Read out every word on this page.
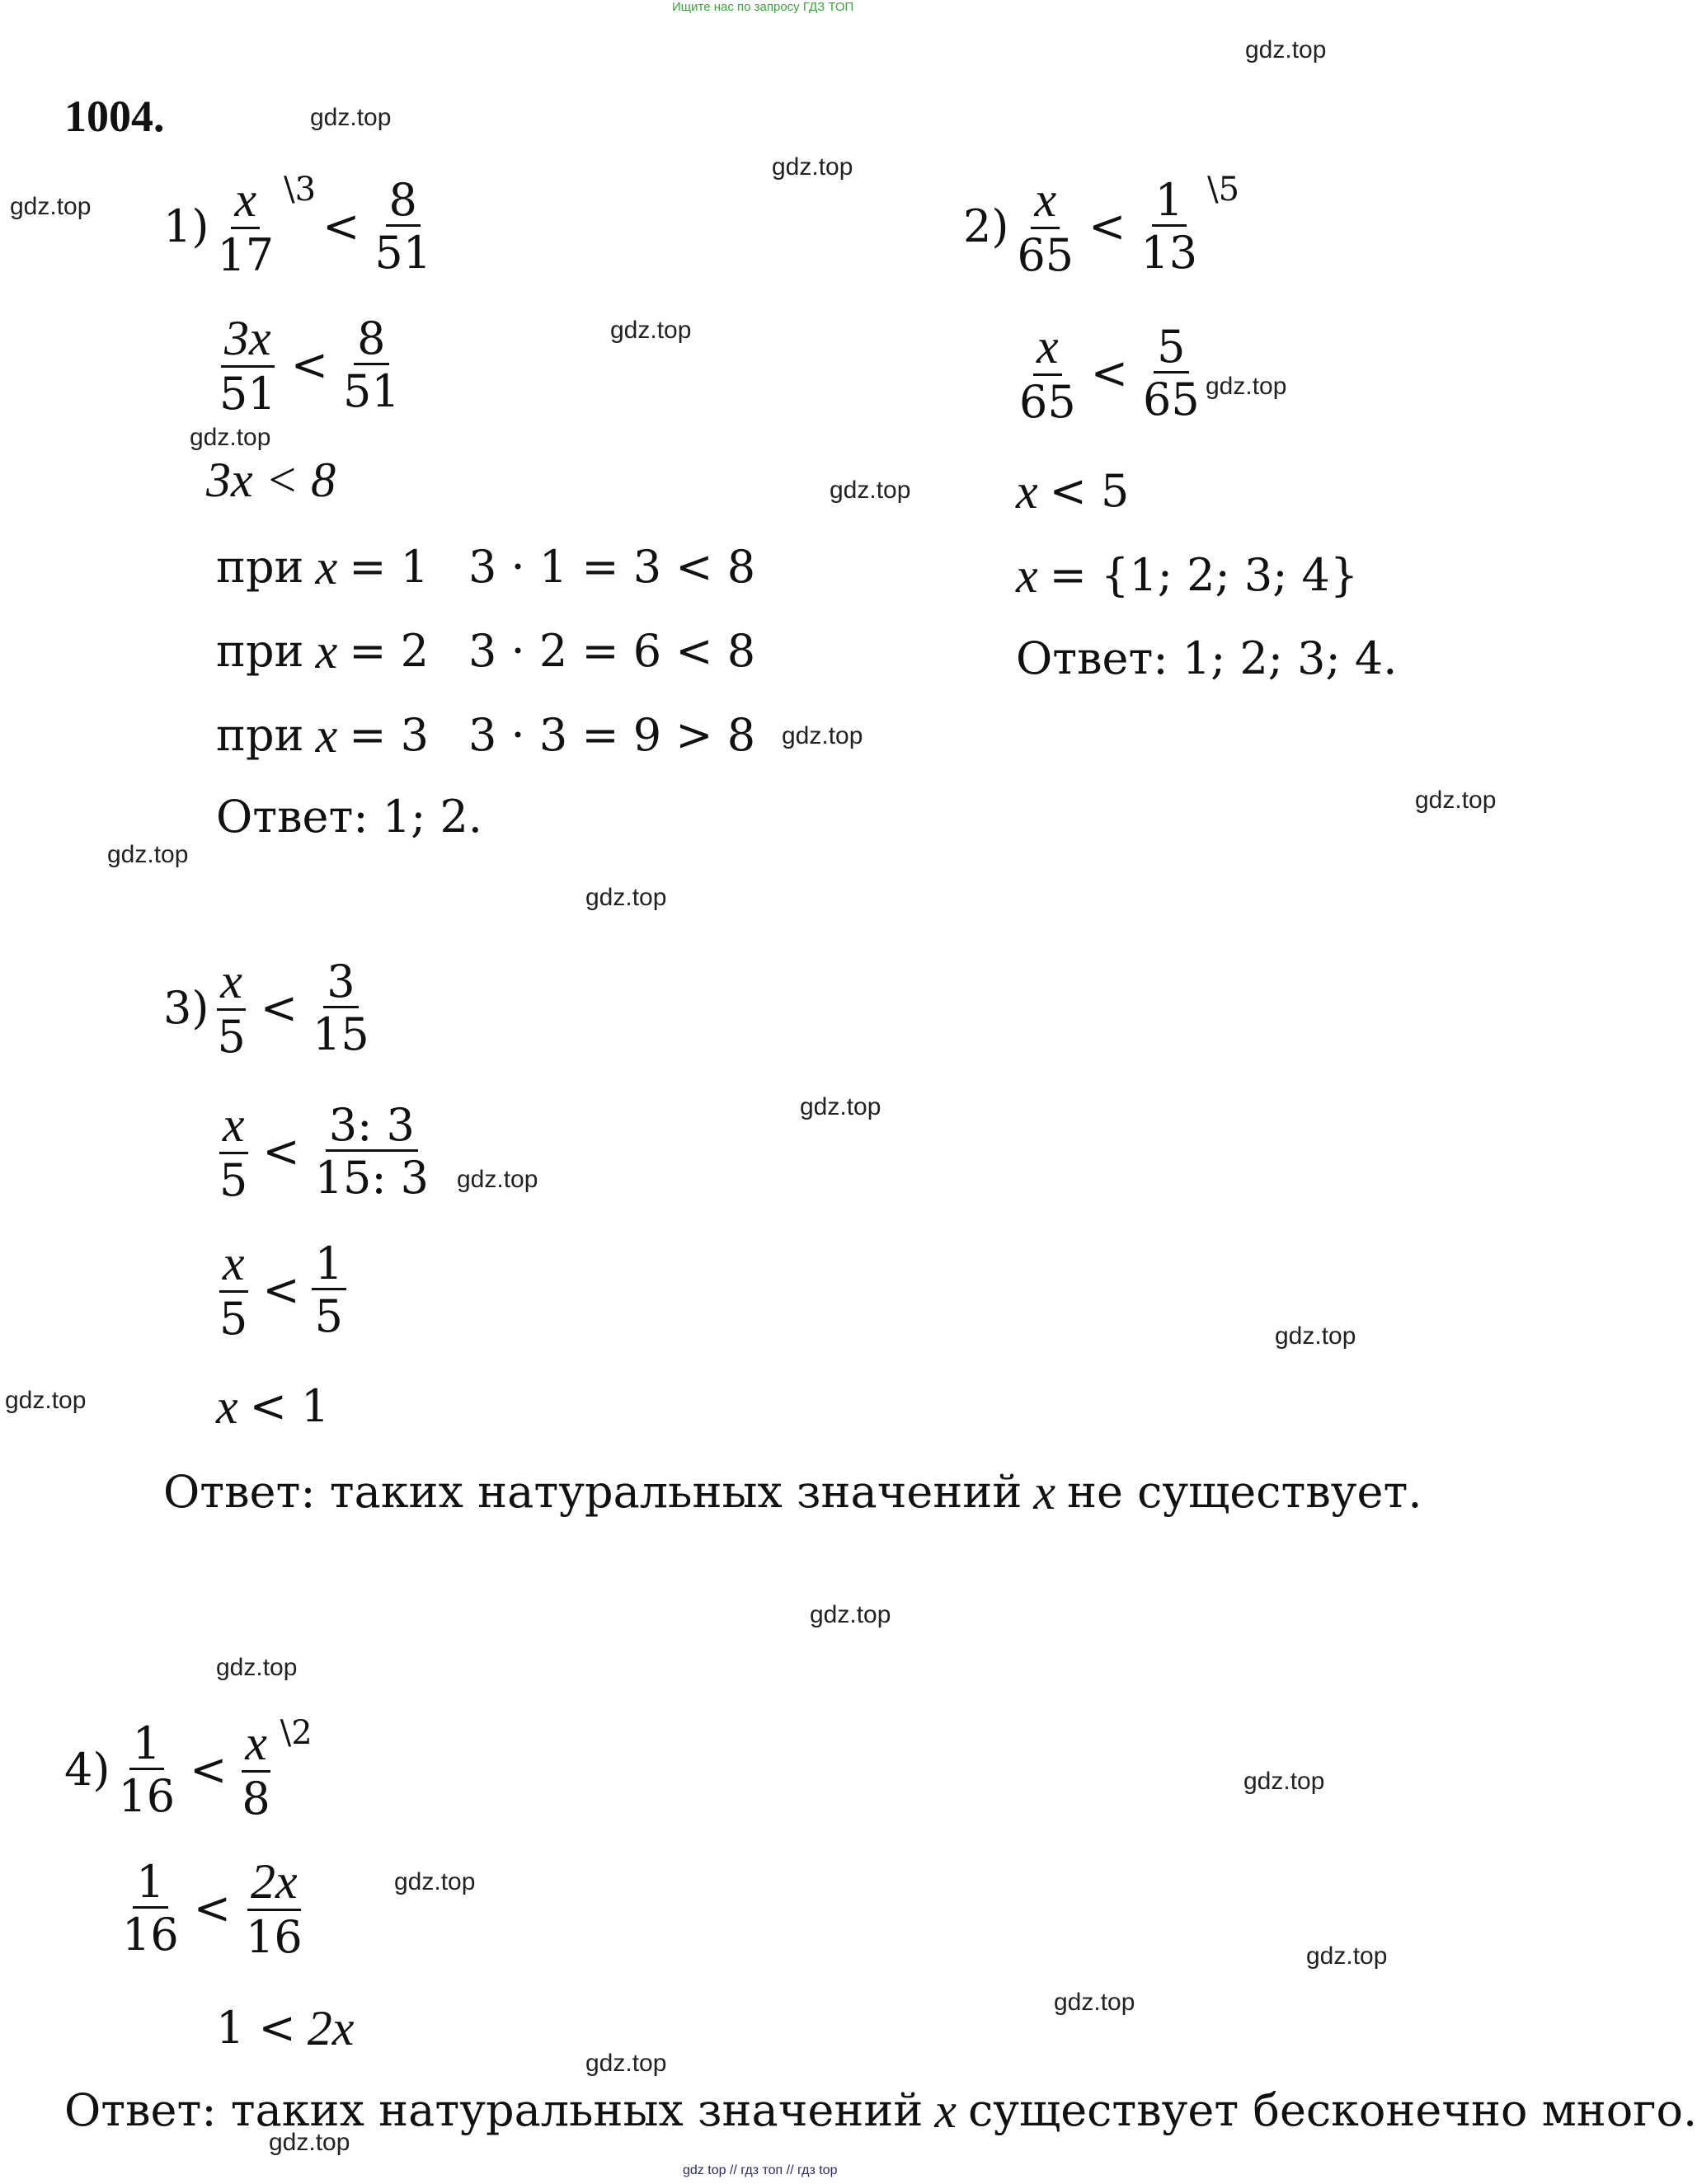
Ищите нас по запросу ГДЗ ТОП
1004.
$1) \frac{x}{17}$ \3
< $\frac{8}{51}$
$\frac{3x}{51} < \frac{8}{51}$
3x < 8
при x = 1 3 · 1 = 3 < 8
при x = 2 3 · 2 = 6 < 8
при x = 3 3 · 3 = 9 > 8
Ответ: 1; 2.
$2) \frac{x}{65} < \frac{1}{13}$ \5
$\frac{x}{65} < \frac{5}{65}$
x < 5
x = {1; 2; 3; 4}
Ответ: 1; 2; 3; 4.
$3) \frac{x}{5} < \frac{3}{15}$
$\frac{x}{5} < \frac{3: 3}{15: 3}$
$\frac{x}{5} < \frac{1}{5}$
x < 1
Ответ: таких натуральных значений x не существует.
$4) \frac{1}{16} < \frac{x}{8}$ \2
$\frac{1}{16} < \frac{2x}{16}$
1 < 2x
Ответ: таких натуральных значений x существует бесконечно много.
gdz.top
gdz.top
gdz.top
gdz.top
gdz.top
gdz.top
gdz.top
gdz.top
gdz.top
gdz.top
gdz.top
gdz.top
gdz.top
gdz.top
gdz.top
gdz.top
gdz.top
gdz.top
gdz.top
gdz.top
gdz.top
gdz.top
gdz.top
gdz.top
gdz top // гдз топ // гдз top
